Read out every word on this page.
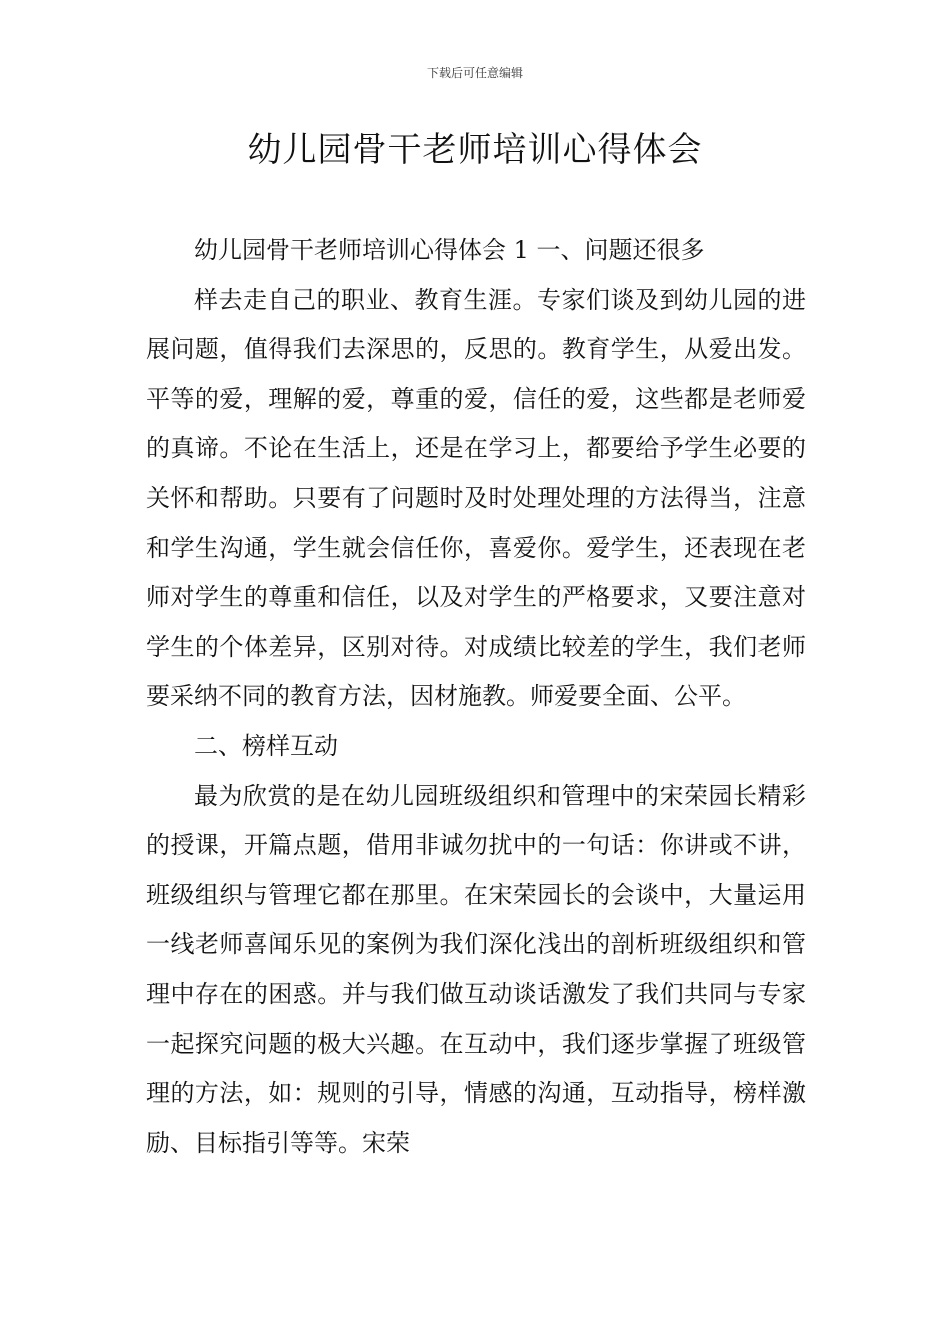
下载后可任意编辑
幼儿园骨干老师培训心得体会

幼儿园骨干老师培训心得体会 1 一、问题还很多

样去走自己的职业、教育生涯。专家们谈及到幼儿园的进展问题，值得我们去深思的，反思的。教育学生，从爱出发。平等的爱，理解的爱，尊重的爱，信任的爱，这些都是老师爱的真谛。不论在生活上，还是在学习上，都要给予学生必要的关怀和帮助。只要有了问题时及时处理处理的方法得当，注意和学生沟通，学生就会信任你，喜爱你。爱学生，还表现在老师对学生的尊重和信任，以及对学生的严格要求，又要注意对学生的个体差异，区别对待。对成绩比较差的学生，我们老师要采纳不同的教育方法，因材施教。师爱要全面、公平。

二、榜样互动

最为欣赏的是在幼儿园班级组织和管理中的宋荣园长精彩的授课，开篇点题，借用非诚勿扰中的一句话：你讲或不讲，班级组织与管理它都在那里。在宋荣园长的会谈中，大量运用一线老师喜闻乐见的案例为我们深化浅出的剖析班级组织和管理中存在的困惑。并与我们做互动谈话激发了我们共同与专家一起探究问题的极大兴趣。在互动中，我们逐步掌握了班级管理的方法，如：规则的引导，情感的沟通，互动指导，榜样激励、目标指引等等。宋荣
